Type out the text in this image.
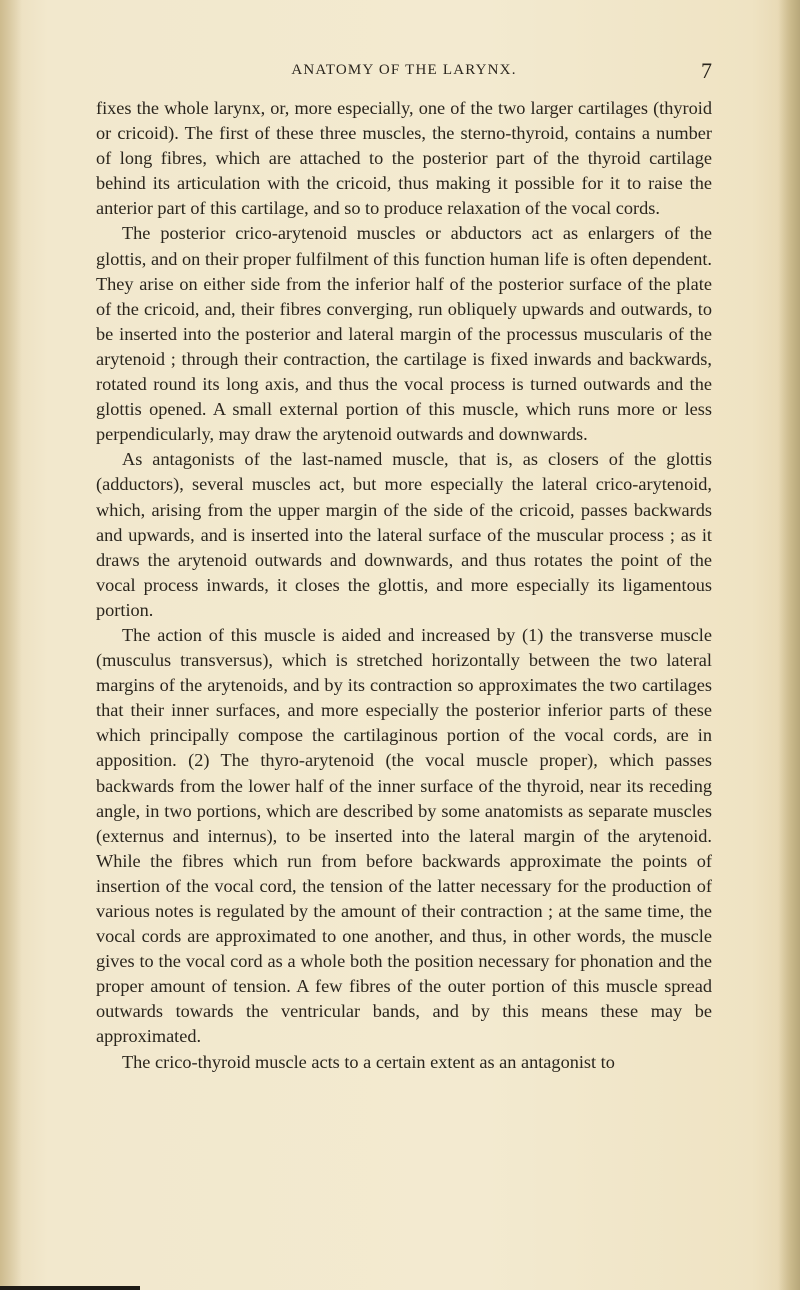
ANATOMY OF THE LARYNX.	7

fixes the whole larynx, or, more especially, one of the two larger cartilages (thyroid or cricoid). The first of these three muscles, the sterno-thyroid, contains a number of long fibres, which are attached to the posterior part of the thyroid cartilage behind its articulation with the cricoid, thus making it possible for it to raise the anterior part of this cartilage, and so to produce relaxation of the vocal cords.

The posterior crico-arytenoid muscles or abductors act as enlargers of the glottis, and on their proper fulfilment of this function human life is often dependent. They arise on either side from the inferior half of the posterior surface of the plate of the cricoid, and, their fibres converging, run obliquely upwards and outwards, to be inserted into the posterior and lateral margin of the processus muscularis of the arytenoid ; through their contraction, the cartilage is fixed inwards and backwards, rotated round its long axis, and thus the vocal process is turned outwards and the glottis opened. A small external portion of this muscle, which runs more or less perpendicularly, may draw the arytenoid outwards and downwards.

As antagonists of the last-named muscle, that is, as closers of the glottis (adductors), several muscles act, but more especially the lateral crico-arytenoid, which, arising from the upper margin of the side of the cricoid, passes backwards and upwards, and is inserted into the lateral surface of the muscular process ; as it draws the arytenoid outwards and downwards, and thus rotates the point of the vocal process inwards, it closes the glottis, and more especially its ligamentous portion.

The action of this muscle is aided and increased by (1) the transverse muscle (musculus transversus), which is stretched horizontally between the two lateral margins of the arytenoids, and by its contraction so approximates the two cartilages that their inner surfaces, and more especially the posterior inferior parts of these which principally compose the cartilaginous portion of the vocal cords, are in apposition. (2) The thyro-arytenoid (the vocal muscle proper), which passes backwards from the lower half of the inner surface of the thyroid, near its receding angle, in two portions, which are described by some anatomists as separate muscles (externus and internus), to be inserted into the lateral margin of the arytenoid. While the fibres which run from before backwards approximate the points of insertion of the vocal cord, the tension of the latter necessary for the production of various notes is regulated by the amount of their contraction ; at the same time, the vocal cords are approximated to one another, and thus, in other words, the muscle gives to the vocal cord as a whole both the position necessary for phonation and the proper amount of tension. A few fibres of the outer portion of this muscle spread outwards towards the ventricular bands, and by this means these may be approximated.

The crico-thyroid muscle acts to a certain extent as an antagonist to
